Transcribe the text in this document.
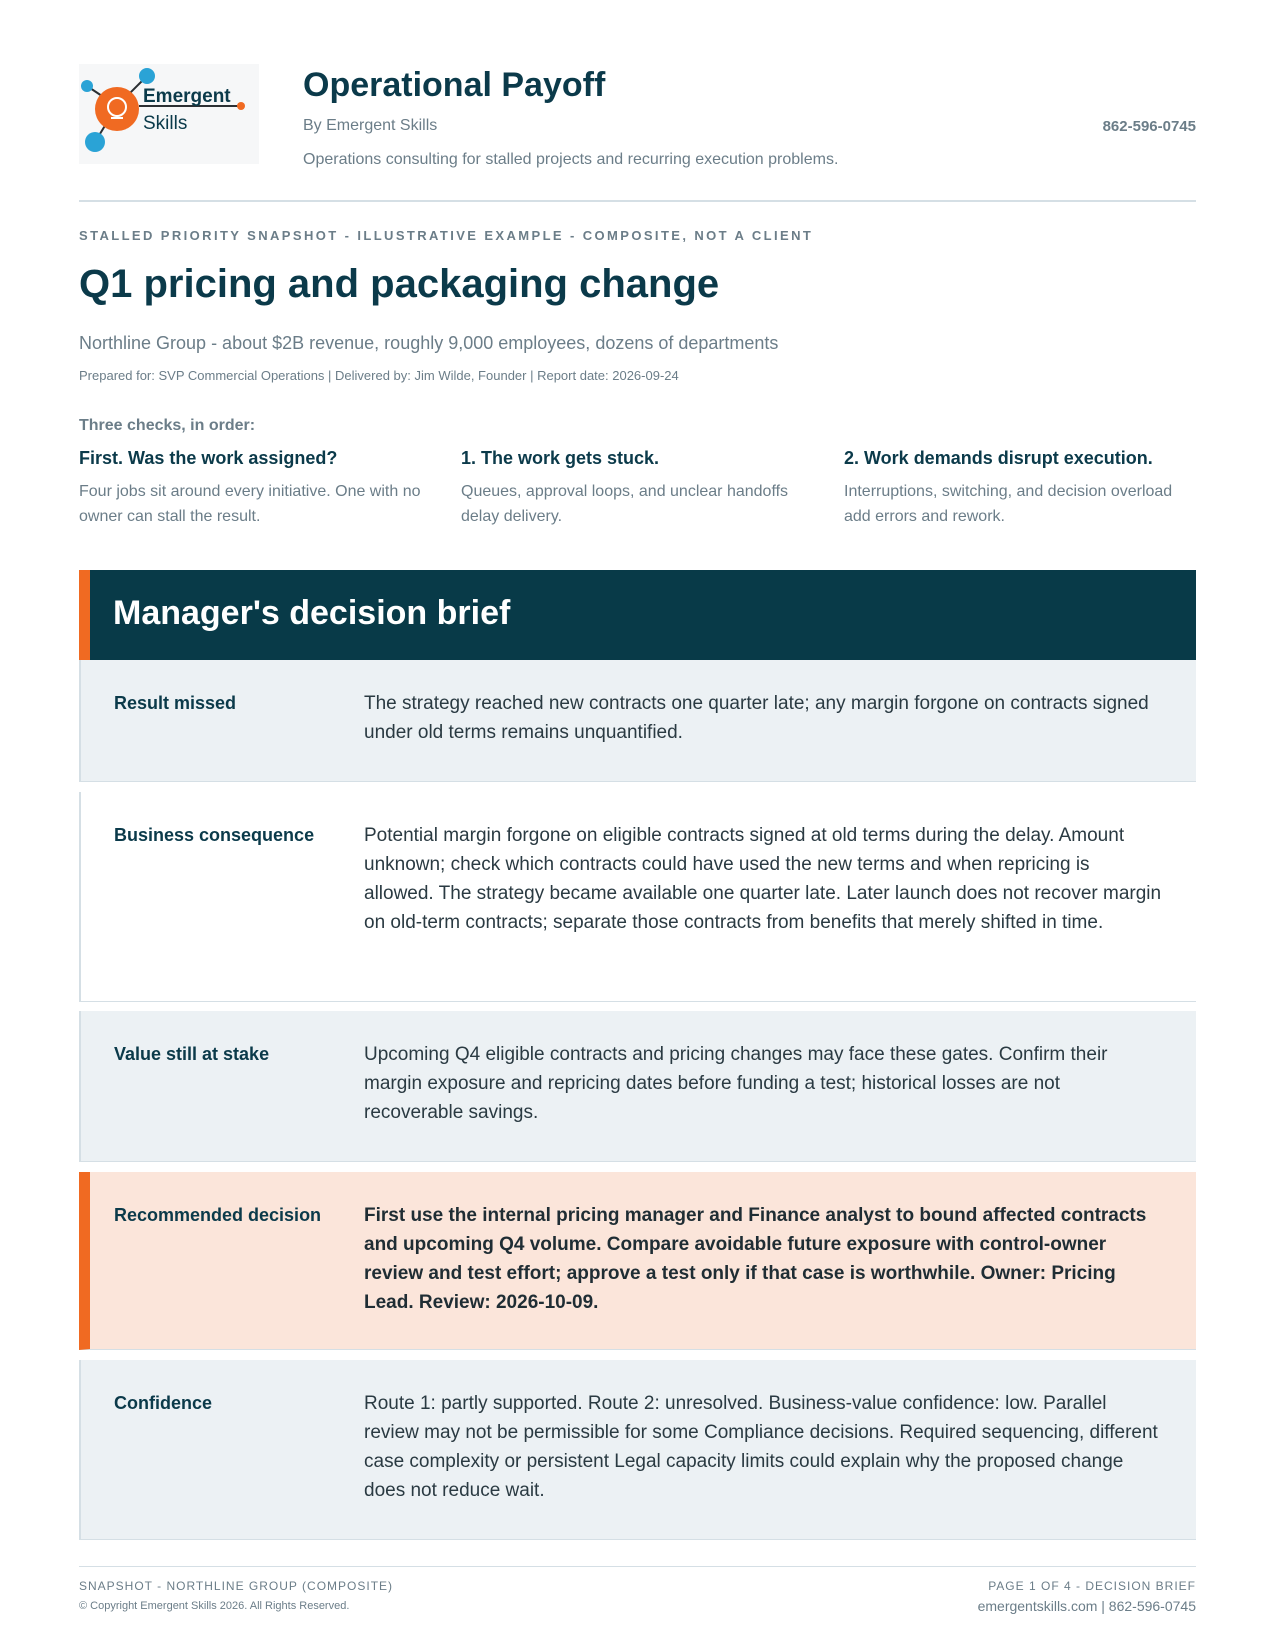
Emergent
Skills
Operational Payoff
By Emergent Skills
Operations consulting for stalled projects and recurring execution problems.
862-596-0745
STALLED PRIORITY SNAPSHOT - ILLUSTRATIVE EXAMPLE - COMPOSITE, NOT A CLIENT
Q1 pricing and packaging change
Northline Group - about $2B revenue, roughly 9,000 employees, dozens of departments
Prepared for: SVP Commercial Operations | Delivered by: Jim Wilde, Founder | Report date: 2026-09-24
Three checks, in order:
First. Was the work assigned?
Four jobs sit around every initiative. One with no owner can stall the result.
1. The work gets stuck.
Queues, approval loops, and unclear handoffs delay delivery.
2. Work demands disrupt execution.
Interruptions, switching, and decision overload add errors and rework.
Manager's decision brief
Result missed	The strategy reached new contracts one quarter late; any margin forgone on contracts signed under old terms remains unquantified.
Business consequence	Potential margin forgone on eligible contracts signed at old terms during the delay. Amount unknown; check which contracts could have used the new terms and when repricing is allowed. The strategy became available one quarter late. Later launch does not recover margin on old-term contracts; separate those contracts from benefits that merely shifted in time.
Value still at stake	Upcoming Q4 eligible contracts and pricing changes may face these gates. Confirm their margin exposure and repricing dates before funding a test; historical losses are not recoverable savings.
Recommended decision	First use the internal pricing manager and Finance analyst to bound affected contracts and upcoming Q4 volume. Compare avoidable future exposure with control-owner review and test effort; approve a test only if that case is worthwhile. Owner: Pricing Lead. Review: 2026-10-09.
Confidence	Route 1: partly supported. Route 2: unresolved. Business-value confidence: low. Parallel review may not be permissible for some Compliance decisions. Required sequencing, different case complexity or persistent Legal capacity limits could explain why the proposed change does not reduce wait.
SNAPSHOT - NORTHLINE GROUP (COMPOSITE)
© Copyright Emergent Skills 2026. All Rights Reserved.
PAGE 1 OF 4 - DECISION BRIEF
emergentskills.com | 862-596-0745
